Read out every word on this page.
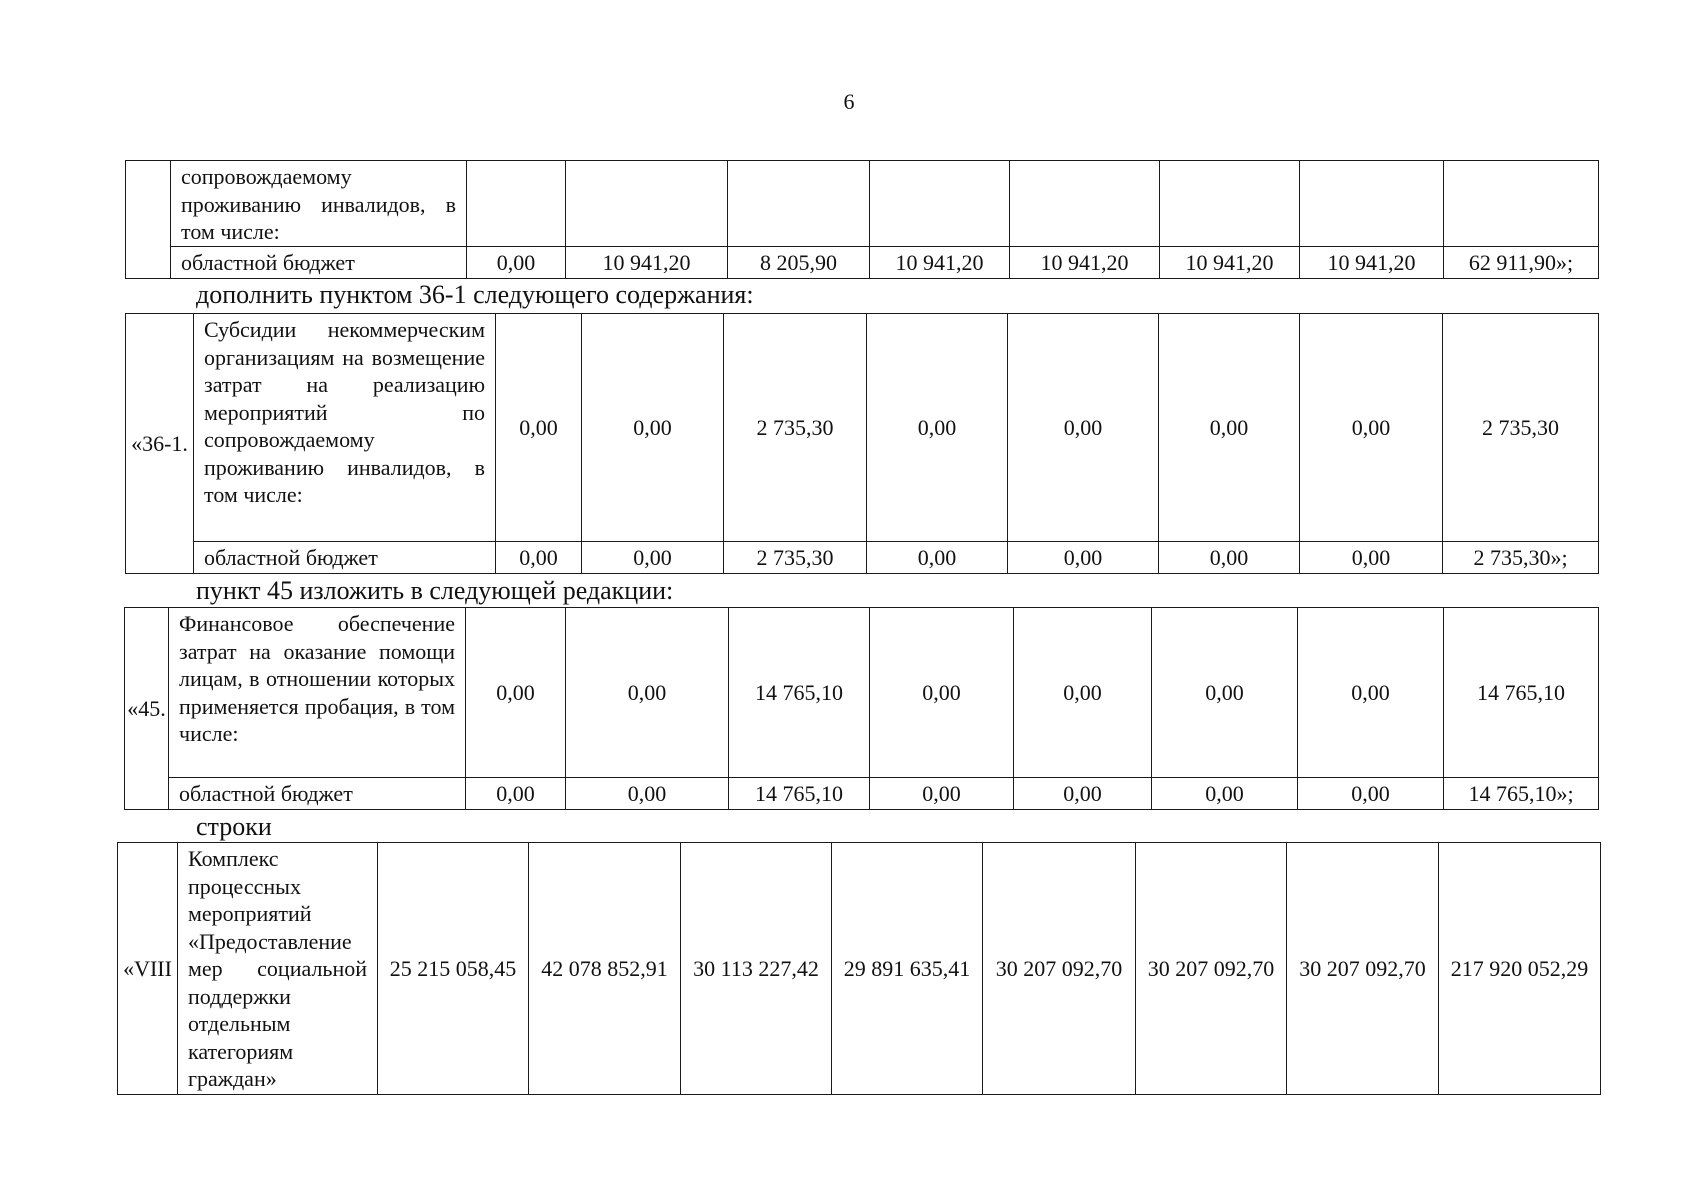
6
	сопровождаемому проживанию инвалидов, в том числе:								
	областной бюджет	0,00	10 941,20	8 205,90	10 941,20	10 941,20	10 941,20	10 941,20	62 911,90»;
дополнить пунктом 36-1 следующего содержания:
«36-1.	Субсидии некоммерческим организациям на возмещение затрат на реализацию мероприятий по сопровождаемому проживанию инвалидов, в том числе:	0,00	0,00	2 735,30	0,00	0,00	0,00	0,00	2 735,30
	областной бюджет	0,00	0,00	2 735,30	0,00	0,00	0,00	0,00	2 735,30»;
пункт 45 изложить в следующей редакции:
«45.	Финансовое обеспечение затрат на оказание помощи лицам, в отношении которых применяется пробация, в том числе:	0,00	0,00	14 765,10	0,00	0,00	0,00	0,00	14 765,10
	областной бюджет	0,00	0,00	14 765,10	0,00	0,00	0,00	0,00	14 765,10»;
строки
«VIII	Комплекс процессных мероприятий «Предоставление мер социальной поддержки отдельным категориям граждан»	25 215 058,45	42 078 852,91	30 113 227,42	29 891 635,41	30 207 092,70	30 207 092,70	30 207 092,70	217 920 052,29
